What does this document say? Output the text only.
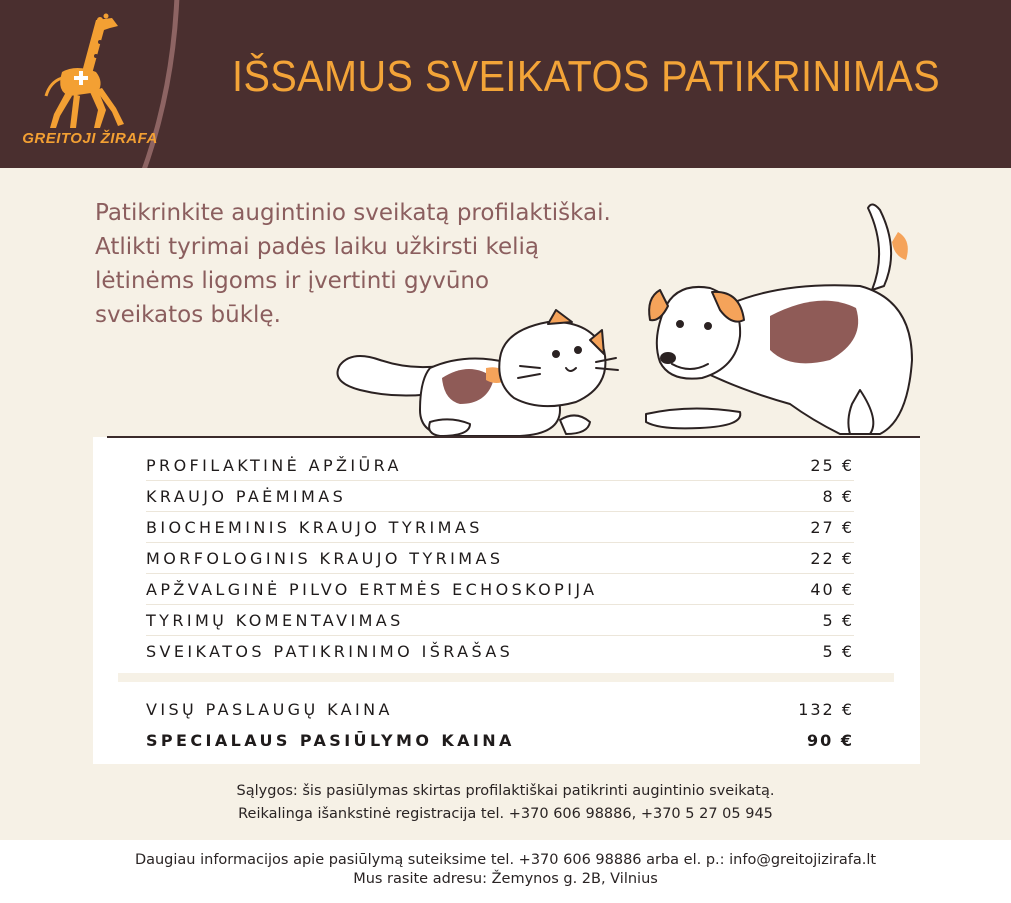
GREITOJI ŽIRAFA
IŠSAMUS SVEIKATOS PATIKRINIMAS
Patikrinkite augintinio sveikatą profilaktiškai.
Atlikti tyrimai padės laiku užkirsti kelią
lėtinėms ligoms ir įvertinti gyvūno
sveikatos būklę.
PROFILAKTINĖ APŽIŪRA	25 €
KRAUJO PAĖMIMAS	8 €
BIOCHEMINIS KRAUJO TYRIMAS	27 €
MORFOLOGINIS KRAUJO TYRIMAS	22 €
APŽVALGINĖ PILVO ERTMĖS ECHOSKOPIJA	40 €
TYRIMŲ KOMENTAVIMAS	5 €
SVEIKATOS PATIKRINIMO IŠRAŠAS	5 €
VISŲ PASLAUGŲ KAINA	132 €
SPECIALAUS PASIŪLYMO KAINA	90 €
Sąlygos: šis pasiūlymas skirtas profilaktiškai patikrinti augintinio sveikatą.
Reikalinga išankstinė registracija tel. +370 606 98886, +370 5 27 05 945
Daugiau informacijos apie pasiūlymą suteiksime tel. +370 606 98886 arba el. p.: info@greitojizirafa.lt
Mus rasite adresu: Žemynos g. 2B, Vilnius
